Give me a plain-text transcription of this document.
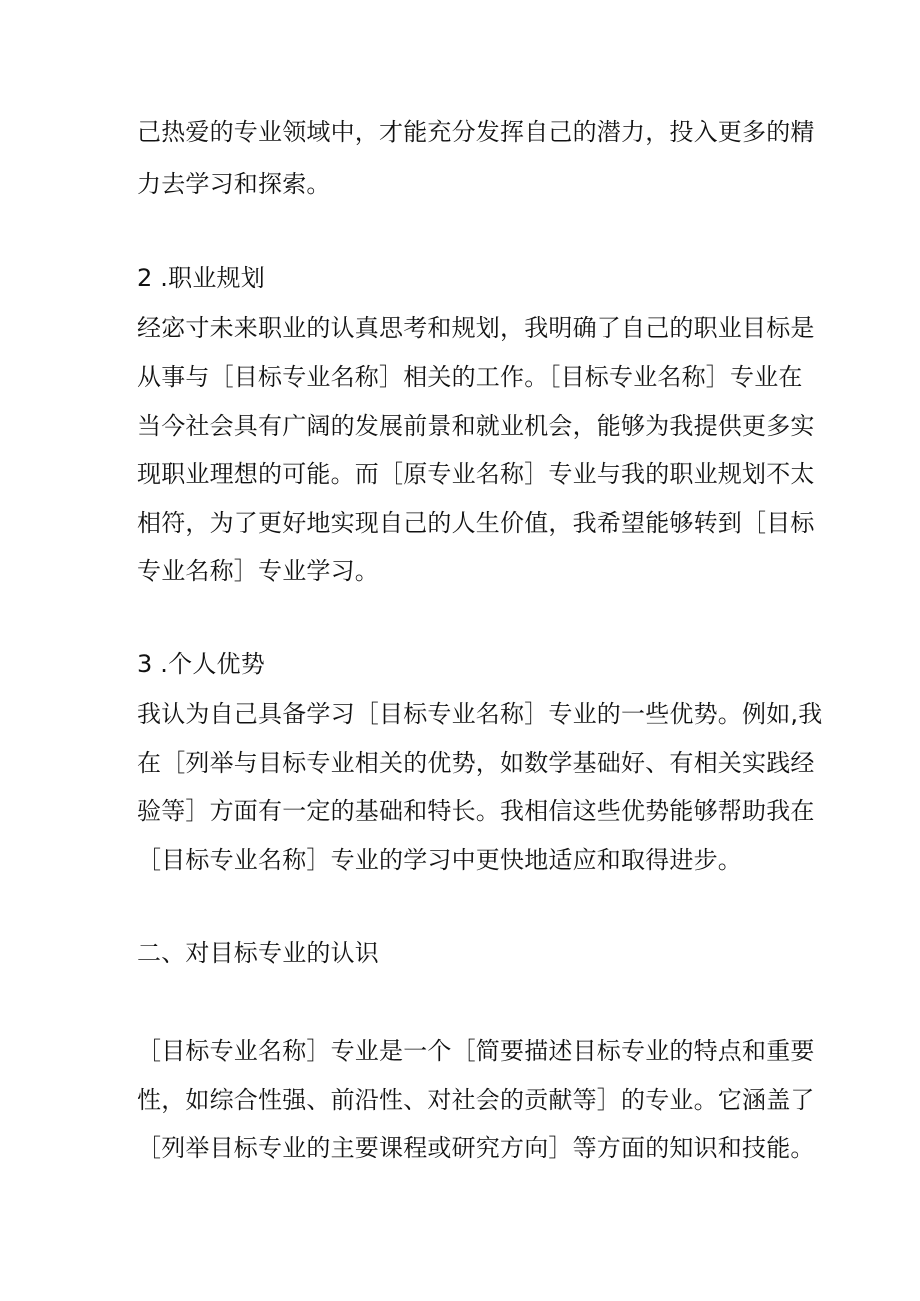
己热爱的专业领域中，才能充分发挥自己的潜力，投入更多的精
力去学习和探索。
2 .职业规划
经宓寸未来职业的认真思考和规划，我明确了自己的职业目标是
从事与［目标专业名称］相关的工作。［目标专业名称］专业在
当今社会具有广阔的发展前景和就业机会，能够为我提供更多实
现职业理想的可能。而［原专业名称］专业与我的职业规划不太
相符，为了更好地实现自己的人生价值，我希望能够转到［目标
专业名称］专业学习。
3 .个人优势
我认为自己具备学习［目标专业名称］专业的一些优势。例如,我
在［列举与目标专业相关的优势，如数学基础好、有相关实践经
验等］方面有一定的基础和特长。我相信这些优势能够帮助我在
［目标专业名称］专业的学习中更快地适应和取得进步。
二、对目标专业的认识
［目标专业名称］专业是一个［简要描述目标专业的特点和重要
性，如综合性强、前沿性、对社会的贡献等］的专业。它涵盖了
［列举目标专业的主要课程或研究方向］等方面的知识和技能。
